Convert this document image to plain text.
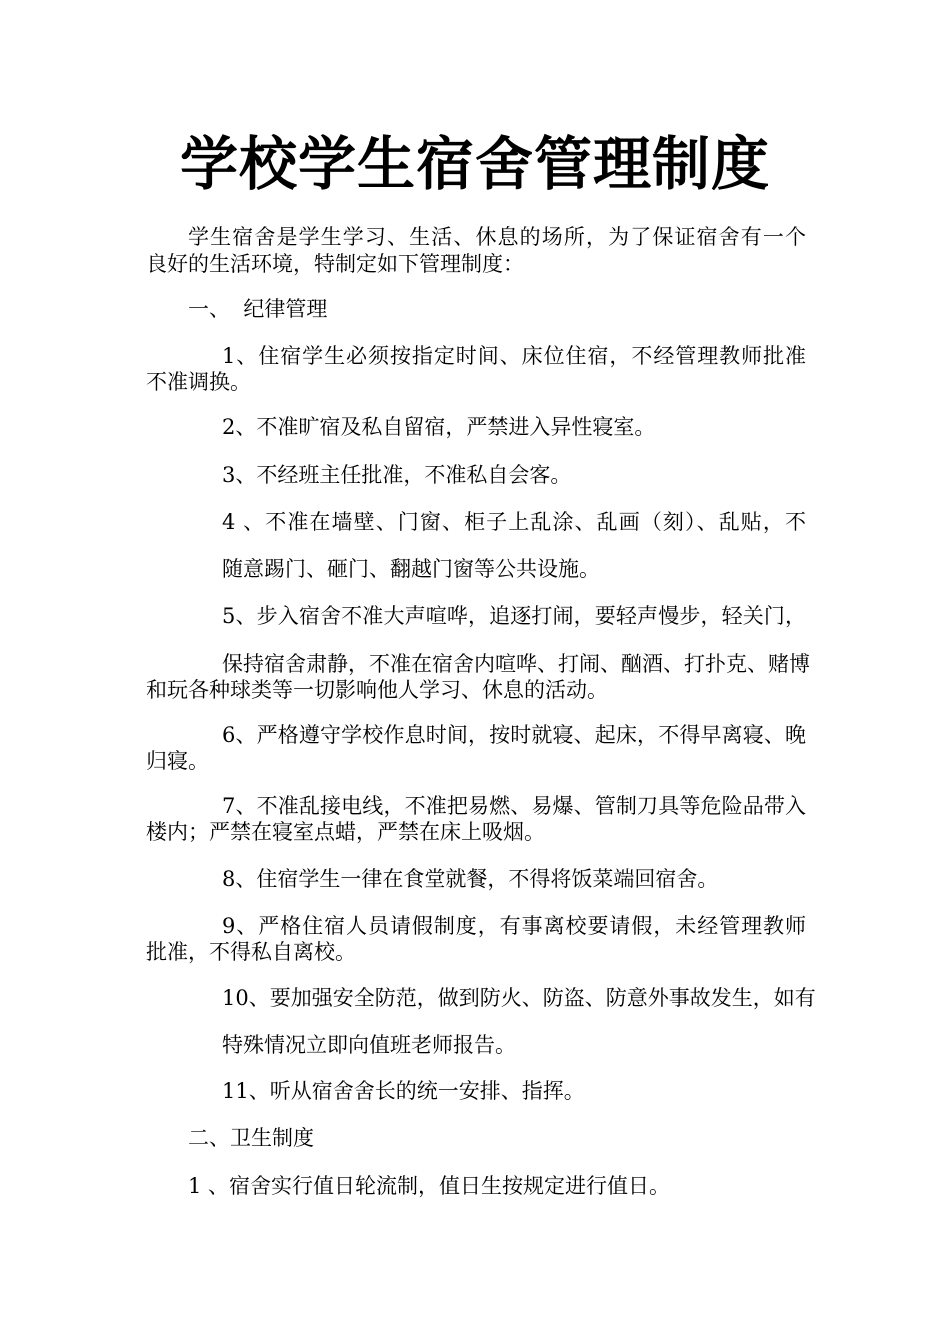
学校学生宿舍管理制度
学生宿舍是学生学习、生活、休息的场所，为了保证宿舍有一个
良好的生活环境，特制定如下管理制度：
一、  纪律管理
1、住宿学生必须按指定时间、床位住宿，不经管理教师批准
不准调换。
2、不准旷宿及私自留宿，严禁进入异性寝室。
3、不经班主任批准，不准私自会客。
4 、不准在墙壁、门窗、柜子上乱涂、乱画（刻）、乱贴，不
随意踢门、砸门、翻越门窗等公共设施。
5、步入宿舍不准大声喧哗，追逐打闹，要轻声慢步，轻关门，
保持宿舍肃静，不准在宿舍内喧哗、打闹、酗酒、打扑克、赌博
和玩各种球类等一切影响他人学习、休息的活动。
6、严格遵守学校作息时间，按时就寝、起床，不得早离寝、晚
归寝。
7、不准乱接电线，不准把易燃、易爆、管制刀具等危险品带入
楼内；严禁在寝室点蜡，严禁在床上吸烟。
8、住宿学生一律在食堂就餐，不得将饭菜端回宿舍。
9、严格住宿人员请假制度，有事离校要请假，未经管理教师
批准，不得私自离校。
10、要加强安全防范，做到防火、防盗、防意外事故发生，如有
特殊情况立即向值班老师报告。
11、听从宿舍舍长的统一安排、指挥。
二、卫生制度
1 、宿舍实行值日轮流制，值日生按规定进行值日。
